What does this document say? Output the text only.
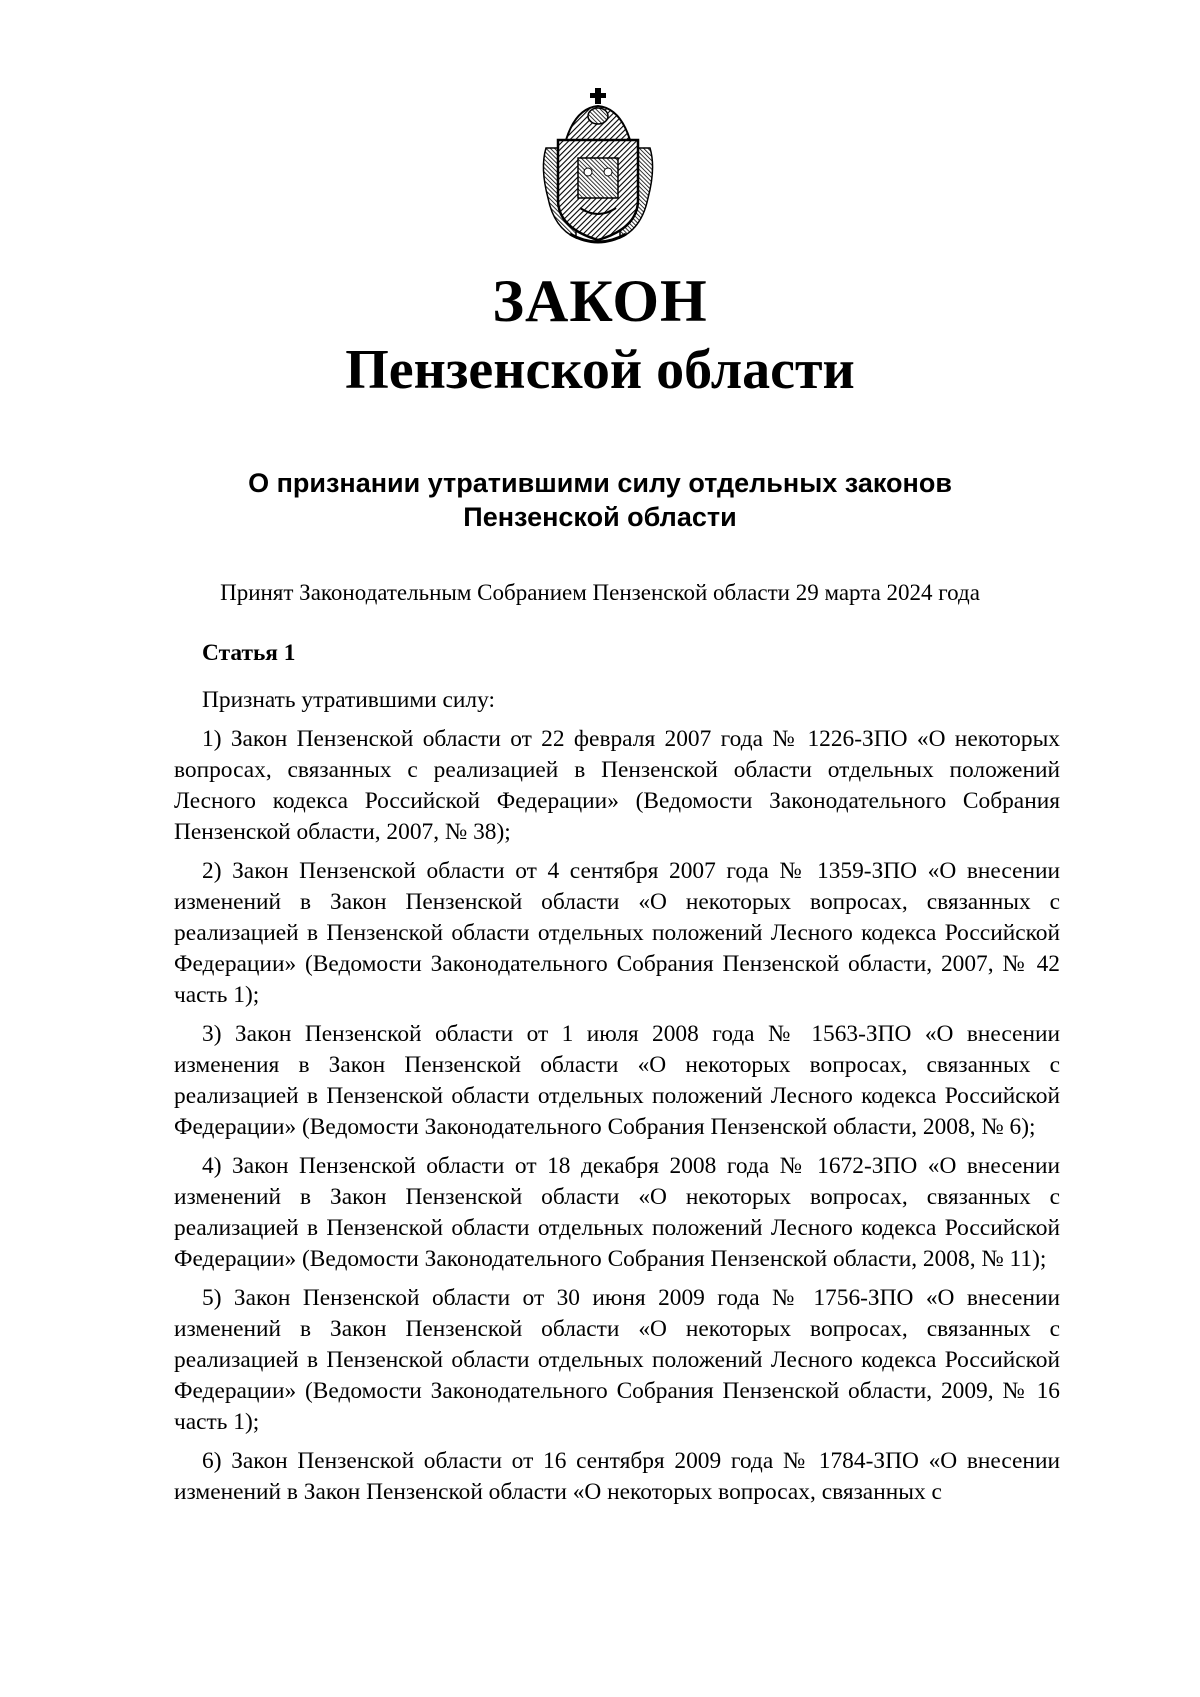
ЗАКОН
Пензенской области
О признании утратившими силу отдельных законов
Пензенской области
Принят Законодательным Собранием Пензенской области 29 марта 2024 года

Статья 1

Признать утратившими силу:

1) Закон Пензенской области от 22 февраля 2007 года № 1226-ЗПО «О некоторых вопросах, связанных с реализацией в Пензенской области отдельных положений Лесного кодекса Российской Федерации» (Ведомости Законодательного Собрания Пензенской области, 2007, № 38);

2) Закон Пензенской области от 4 сентября 2007 года № 1359-ЗПО «О внесении изменений в Закон Пензенской области «О некоторых вопросах, связанных с реализацией в Пензенской области отдельных положений Лесного кодекса Российской Федерации» (Ведомости Законодательного Собрания Пензенской области, 2007, № 42 часть 1);

3) Закон Пензенской области от 1 июля 2008 года № 1563-ЗПО «О внесении изменения в Закон Пензенской области «О некоторых вопросах, связанных с реализацией в Пензенской области отдельных положений Лесного кодекса Российской Федерации» (Ведомости Законодательного Собрания Пензенской области, 2008, № 6);

4) Закон Пензенской области от 18 декабря 2008 года № 1672-ЗПО «О внесении изменений в Закон Пензенской области «О некоторых вопросах, связанных с реализацией в Пензенской области отдельных положений Лесного кодекса Российской Федерации» (Ведомости Законодательного Собрания Пензенской области, 2008, № 11);

5) Закон Пензенской области от 30 июня 2009 года № 1756-ЗПО «О внесении изменений в Закон Пензенской области «О некоторых вопросах, связанных с реализацией в Пензенской области отдельных положений Лесного кодекса Российской Федерации» (Ведомости Законодательного Собрания Пензенской области, 2009, № 16 часть 1);

6) Закон Пензенской области от 16 сентября 2009 года № 1784-ЗПО «О внесении изменений в Закон Пензенской области «О некоторых вопросах, связанных с
